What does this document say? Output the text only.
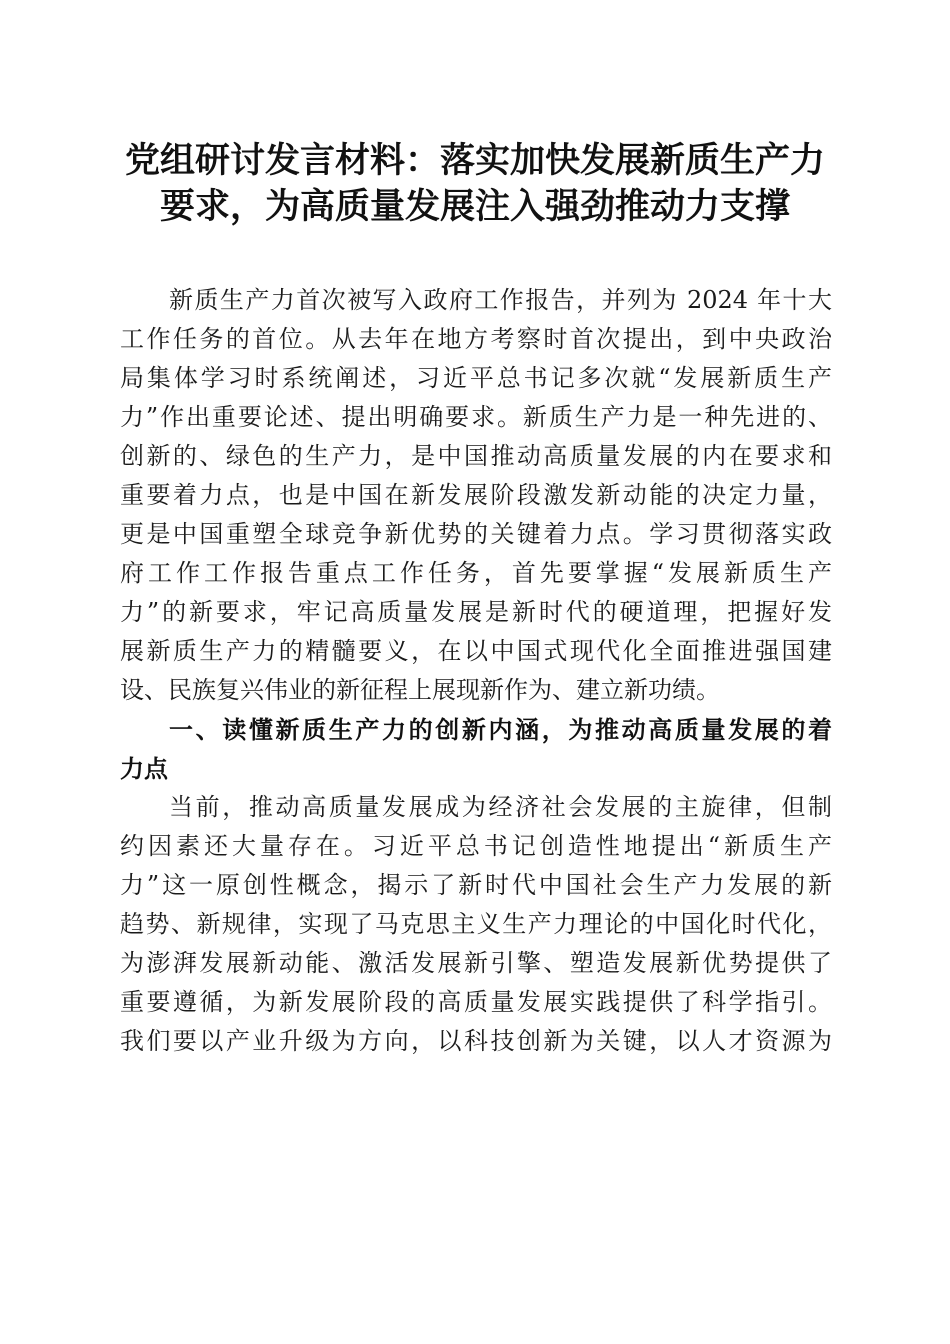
党组研讨发言材料：落实加快发展新质生产力
要求，为高质量发展注入强劲推动力支撑
新质生产力首次被写入政府工作报告，并列为 2024 年十大
工作任务的首位。从去年在地方考察时首次提出，到中央政治
局集体学习时系统阐述，习近平总书记多次就“发展新质生产
力”作出重要论述、提出明确要求。新质生产力是一种先进的、
创新的、绿色的生产力，是中国推动高质量发展的内在要求和
重要着力点，也是中国在新发展阶段激发新动能的决定力量，
更是中国重塑全球竞争新优势的关键着力点。学习贯彻落实政
府工作工作报告重点工作任务，首先要掌握“发展新质生产
力”的新要求，牢记高质量发展是新时代的硬道理，把握好发
展新质生产力的精髓要义，在以中国式现代化全面推进强国建
设、民族复兴伟业的新征程上展现新作为、建立新功绩。
一、读懂新质生产力的创新内涵，为推动高质量发展的着
力点
当前，推动高质量发展成为经济社会发展的主旋律，但制
约因素还大量存在。习近平总书记创造性地提出“新质生产
力”这一原创性概念，揭示了新时代中国社会生产力发展的新
趋势、新规律，实现了马克思主义生产力理论的中国化时代化，
为澎湃发展新动能、激活发展新引擎、塑造发展新优势提供了
重要遵循，为新发展阶段的高质量发展实践提供了科学指引。
我们要以产业升级为方向，以科技创新为关键，以人才资源为
